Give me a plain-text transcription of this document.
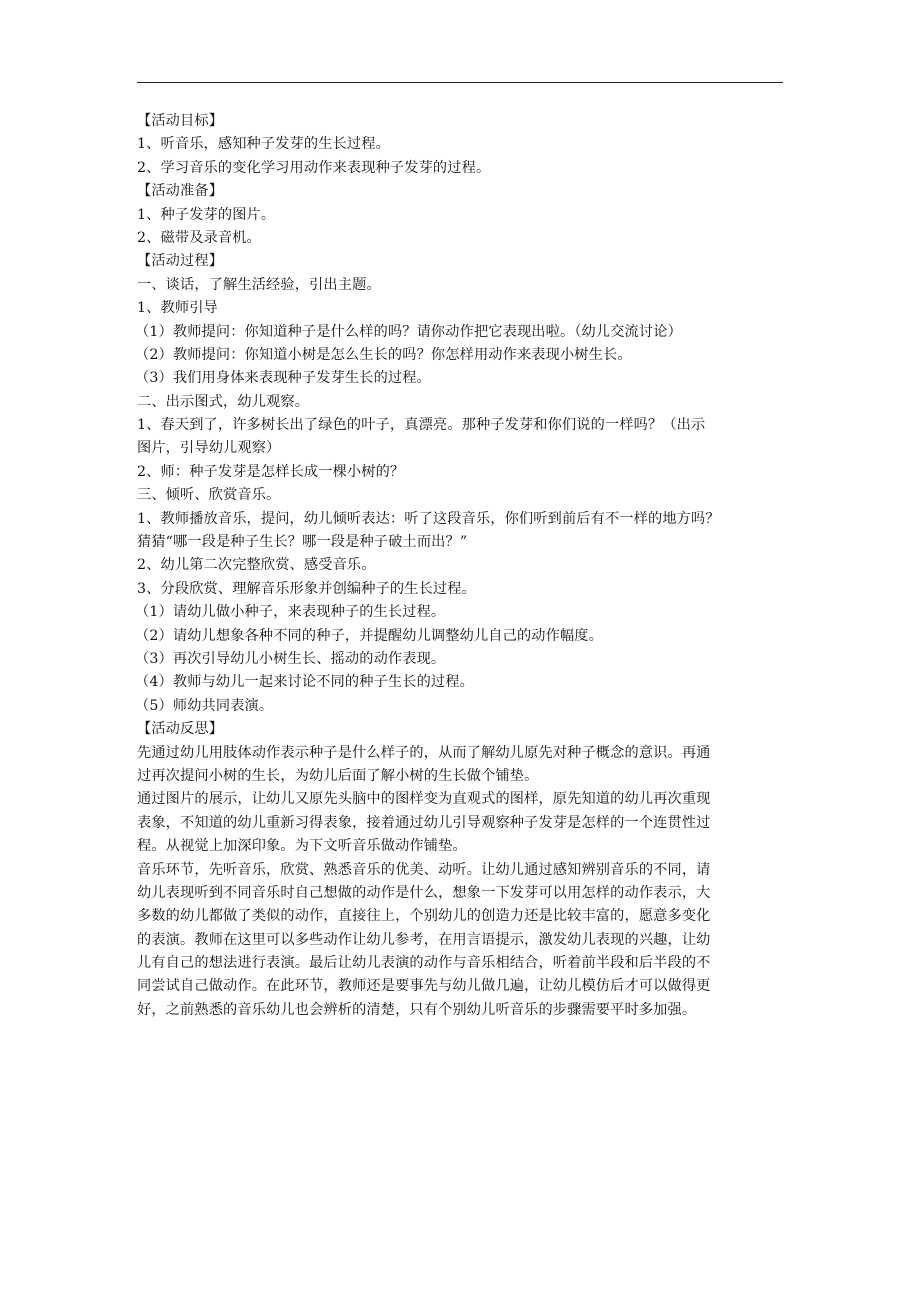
【活动目标】

1、听音乐，感知种子发芽的生长过程。

2、学习音乐的变化学习用动作来表现种子发芽的过程。

【活动准备】

1、种子发芽的图片。

2、磁带及录音机。

【活动过程】

一、谈话，了解生活经验，引出主题。

1、教师引导

（1）教师提问：你知道种子是什么样的吗？请你动作把它表现出啦。（幼儿交流讨论）

（2）教师提问：你知道小树是怎么生长的吗？你怎样用动作来表现小树生长。

（3）我们用身体来表现种子发芽生长的过程。

二、出示图式，幼儿观察。

1、春天到了，许多树长出了绿色的叶子，真漂亮。那种子发芽和你们说的一样吗？（出示

图片，引导幼儿观察）

2、师：种子发芽是怎样长成一棵小树的？

三、倾听、欣赏音乐。

1、教师播放音乐，提问，幼儿倾听表达：听了这段音乐，你们听到前后有不一样的地方吗？

猜猜“哪一段是种子生长？哪一段是种子破土而出？”

2、幼儿第二次完整欣赏、感受音乐。

3、分段欣赏、理解音乐形象并创编种子的生长过程。

（1）请幼儿做小种子，来表现种子的生长过程。

（2）请幼儿想象各种不同的种子，并提醒幼儿调整幼儿自己的动作幅度。

（3）再次引导幼儿小树生长、摇动的动作表现。

（4）教师与幼儿一起来讨论不同的种子生长的过程。

（5）师幼共同表演。

【活动反思】

先通过幼儿用肢体动作表示种子是什么样子的，从而了解幼儿原先对种子概念的意识。再通

过再次提问小树的生长，为幼儿后面了解小树的生长做个铺垫。

通过图片的展示，让幼儿又原先头脑中的图样变为直观式的图样，原先知道的幼儿再次重现

表象，不知道的幼儿重新习得表象，接着通过幼儿引导观察种子发芽是怎样的一个连贯性过

程。从视觉上加深印象。为下文听音乐做动作铺垫。

音乐环节，先听音乐，欣赏、熟悉音乐的优美、动听。让幼儿通过感知辨别音乐的不同，请

幼儿表现听到不同音乐时自己想做的动作是什么，想象一下发芽可以用怎样的动作表示，大

多数的幼儿都做了类似的动作，直接往上，个别幼儿的创造力还是比较丰富的，愿意多变化

的表演。教师在这里可以多些动作让幼儿参考，在用言语提示，激发幼儿表现的兴趣，让幼

儿有自己的想法进行表演。最后让幼儿表演的动作与音乐相结合，听着前半段和后半段的不

同尝试自己做动作。在此环节，教师还是要事先与幼儿做几遍，让幼儿模仿后才可以做得更

好，之前熟悉的音乐幼儿也会辨析的清楚，只有个别幼儿听音乐的步骤需要平时多加强。
